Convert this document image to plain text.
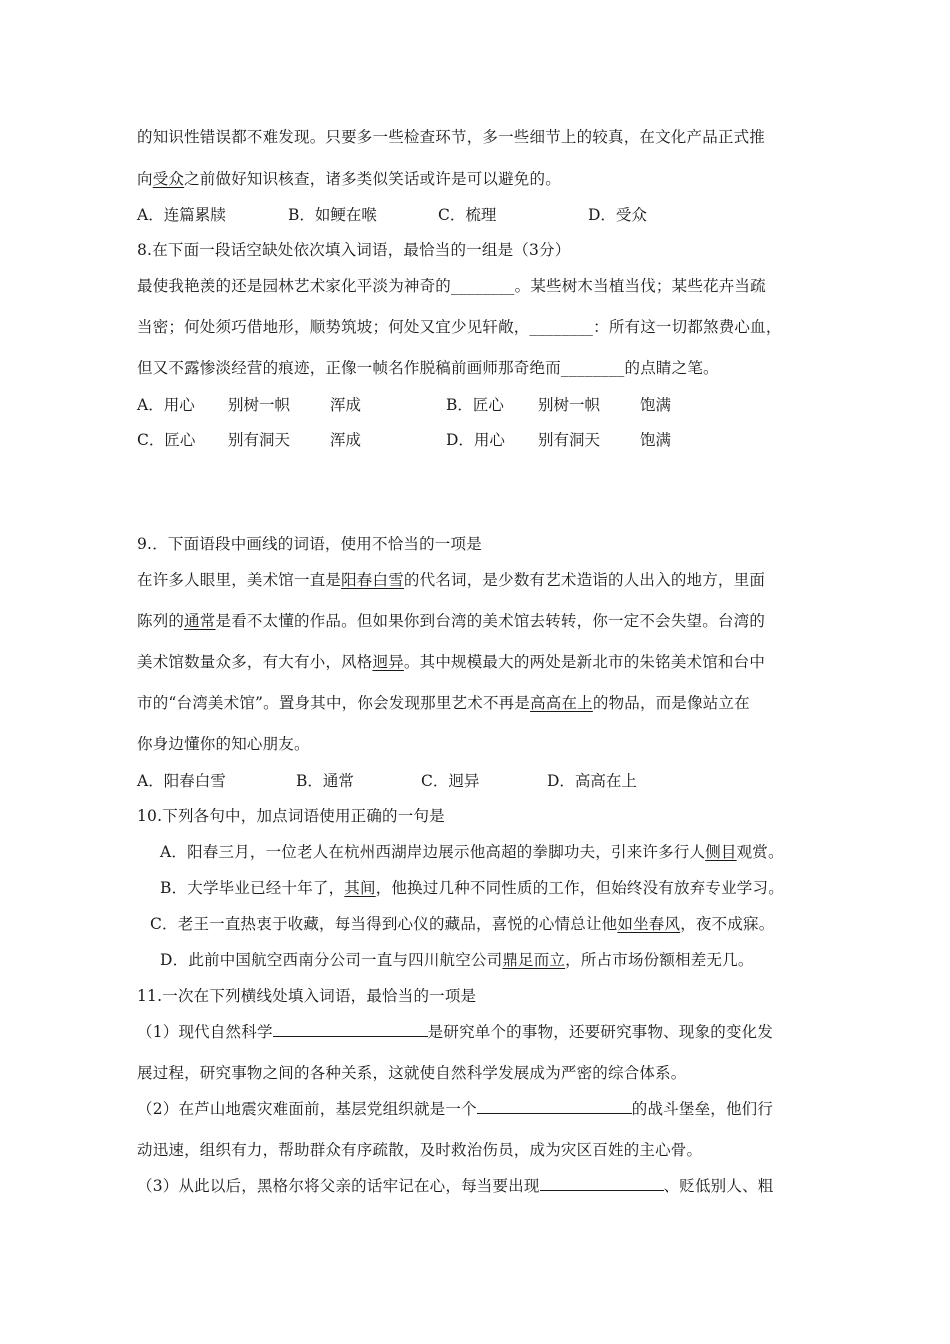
的知识性错误都不难发现。只要多一些检查环节，多一些细节上的较真，在文化产品正式推
向受众之前做好知识核查，诸多类似笑话或许是可以避免的。
A．连篇累牍	B．如鲠在喉	C．梳理	D．受众
8.在下面一段话空缺处依次填入词语，最恰当的一组是（3分）
最使我艳羡的还是园林艺术家化平淡为神奇的________。某些树木当植当伐；某些花卉当疏
当密；何处须巧借地形，顺势筑坡；何处又宜少见轩敞，________：所有这一切都煞费心血，
但又不露惨淡经营的痕迹，正像一帧名作脱稿前画师那奇绝而________的点睛之笔。
A．用心 别树一帜	浑成	B．匠心 别树一帜	饱满
C．匠心 别有洞天	浑成	D．用心 别有洞天	饱满
9.．下面语段中画线的词语，使用不恰当的一项是
在许多人眼里，美术馆一直是阳春白雪的代名词，是少数有艺术造诣的人出入的地方，里面
陈列的通常是看不太懂的作品。但如果你到台湾的美术馆去转转，你一定不会失望。台湾的
美术馆数量众多，有大有小，风格迥异。其中规模最大的两处是新北市的朱铭美术馆和台中
市的“台湾美术馆”。置身其中，你会发现那里艺术不再是高高在上的物品，而是像站立在
你身边懂你的知心朋友。
A．阳春白雪	B．通常	C．迥异	D．高高在上
10.下列各句中，加点词语使用正确的一句是
A．阳春三月，一位老人在杭州西湖岸边展示他高超的拳脚功夫，引来许多行人侧目观赏。
B．大学毕业已经十年了，其间，他换过几种不同性质的工作，但始终没有放弃专业学习。
C．老王一直热衷于收藏，每当得到心仪的藏品，喜悦的心情总让他如坐春风，夜不成寐。
D．此前中国航空西南分公司一直与四川航空公司鼎足而立，所占市场份额相差无几。
11.一次在下列横线处填入词语，最恰当的一项是
（1）现代自然科学	是研究单个的事物，还要研究事物、现象的变化发
展过程，研究事物之间的各种关系，这就使自然科学发展成为严密的综合体系。
（2）在芦山地震灾难面前，基层党组织就是一个	的战斗堡垒，他们行
动迅速，组织有力，帮助群众有序疏散，及时救治伤员，成为灾区百姓的主心骨。
（3）从此以后，黑格尔将父亲的话牢记在心，每当要出现	、贬低别人、粗
